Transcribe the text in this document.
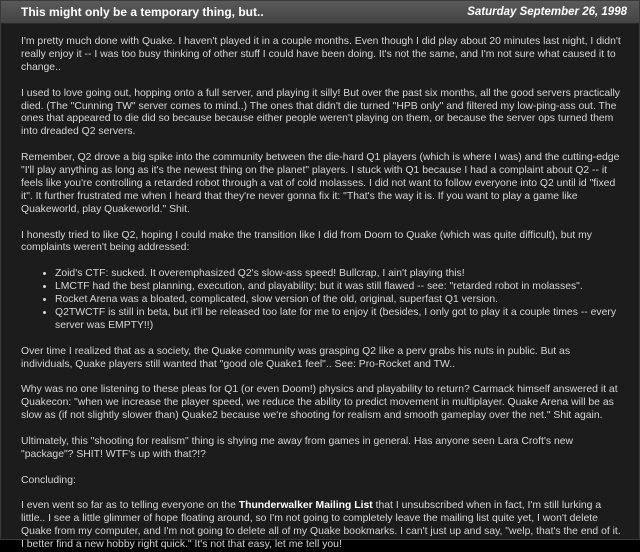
This might only be a temporary thing, but..	Saturday September 26, 1998

I'm pretty much done with Quake. I haven't played it in a couple months. Even though I did play about 20 minutes last night, I didn't really enjoy it -- I was too busy thinking of other stuff I could have been doing. It's not the same, and I'm not sure what caused it to change..

I used to love going out, hopping onto a full server, and playing it silly! But over the past six months, all the good servers practically died. (The "Cunning TW" server comes to mind..) The ones that didn't die turned "HPB only" and filtered my low-ping-ass out. The ones that appeared to die did so because because either people weren't playing on them, or because the server ops turned them into dreaded Q2 servers.

Remember, Q2 drove a big spike into the community between the die-hard Q1 players (which is where I was) and the cutting-edge "I'll play anything as long as it's the newest thing on the planet" players. I stuck with Q1 because I had a complaint about Q2 -- it feels like you're controlling a retarded robot through a vat of cold molasses. I did not want to follow everyone into Q2 until id "fixed it". It further frustrated me when I heard that they're never gonna fix it: "That's the way it is. If you want to play a game like Quakeworld, play Quakeworld." Shit.

I honestly tried to like Q2, hoping I could make the transition like I did from Doom to Quake (which was quite difficult), but my complaints weren't being addressed:

• Zoid's CTF: sucked. It overemphasized Q2's slow-ass speed! Bullcrap, I ain't playing this!
• LMCTF had the best planning, execution, and playability; but it was still flawed -- see: "retarded robot in molasses".
• Rocket Arena was a bloated, complicated, slow version of the old, original, superfast Q1 version.
• Q2TWCTF is still in beta, but it'll be released too late for me to enjoy it (besides, I only got to play it a couple times -- every server was EMPTY!!)

Over time I realized that as a society, the Quake community was grasping Q2 like a perv grabs his nuts in public. But as individuals, Quake players still wanted that "good ole Quake1 feel".. See: Pro-Rocket and TW..

Why was no one listening to these pleas for Q1 (or even Doom!) physics and playability to return? Carmack himself answered it at Quakecon: "when we increase the player speed, we reduce the ability to predict movement in multiplayer. Quake Arena will be as slow as (if not slightly slower than) Quake2 because we're shooting for realism and smooth gameplay over the net." Shit again.

Ultimately, this "shooting for realism" thing is shying me away from games in general. Has anyone seen Lara Croft's new "package"? SHIT! WTF's up with that?!?

Concluding:

I even went so far as to telling everyone on the Thunderwalker Mailing List that I unsubscribed when in fact, I'm still lurking a little.. I see a little glimmer of hope floating around, so I'm not going to completely leave the mailing list quite yet, I won't delete Quake from my computer, and I'm not going to delete all of my Quake bookmarks. I can't just up and say, "welp, that's the end of it. I better find a new hobby right quick." It's not that easy, let me tell you!
